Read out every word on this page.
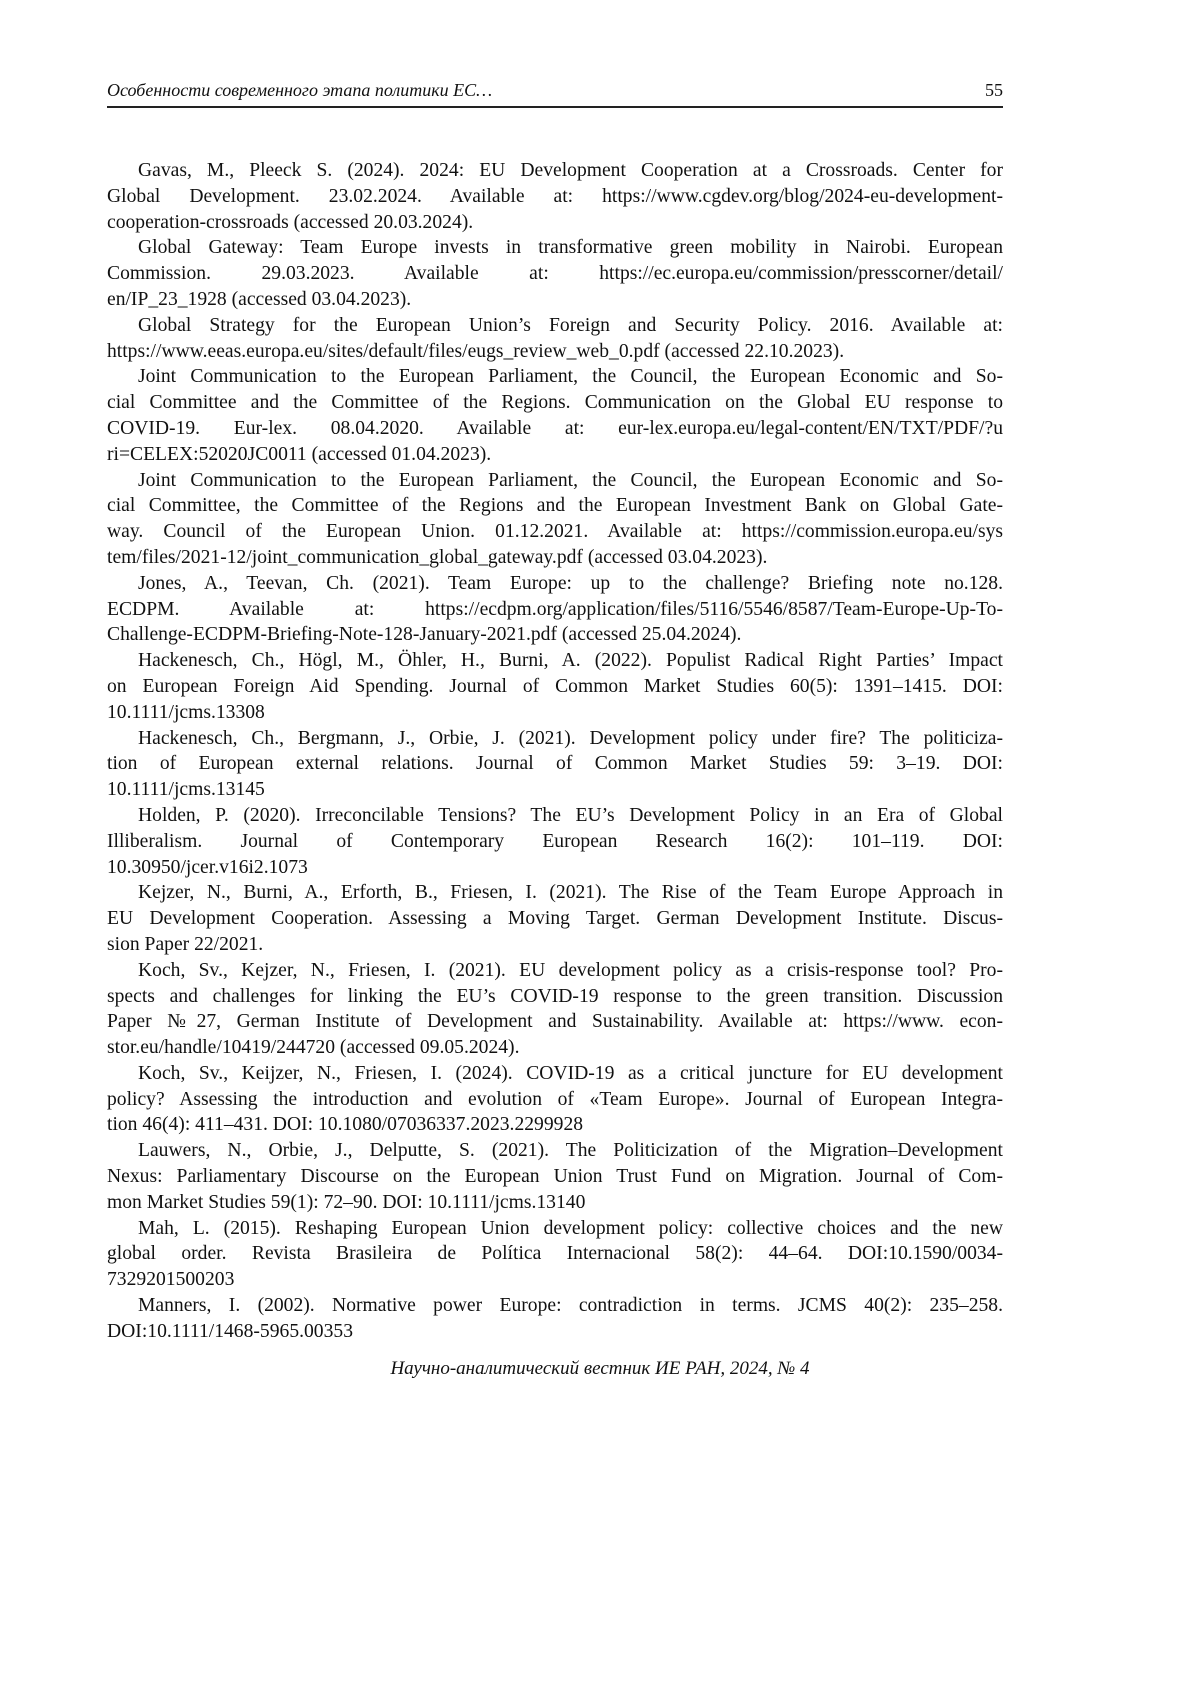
Особенности современного этапа политики ЕС…	55
Gavas, M., Pleeck S. (2024). 2024: EU Development Cooperation at a Crossroads. Center for
Global Development. 23.02.2024. Available at: https://www.cgdev.org/blog/2024-eu-development-
cooperation-crossroads (accessed 20.03.2024).
Global Gateway: Team Europe invests in transformative green mobility in Nairobi. European
Commission. 29.03.2023. Available at: https://ec.europa.eu/commission/presscorner/detail/
en/IP_23_1928 (accessed 03.04.2023).
Global Strategy for the European Union’s Foreign and Security Policy. 2016. Available at:
https://www.eeas.europa.eu/sites/default/files/eugs_review_web_0.pdf (accessed 22.10.2023).
Joint Communication to the European Parliament, the Council, the European Economic and So-
cial Committee and the Committee of the Regions. Communication on the Global EU response to
COVID-19. Eur-lex. 08.04.2020. Available at: eur-lex.europa.eu/legal-content/EN/TXT/PDF/?u
ri=CELEX:52020JC0011 (accessed 01.04.2023).
Joint Communication to the European Parliament, the Council, the European Economic and So-
cial Committee, the Committee of the Regions and the European Investment Bank on Global Gate-
way. Council of the European Union. 01.12.2021. Available at: https://commission.europa.eu/sys
tem/files/2021-12/joint_communication_global_gateway.pdf (accessed 03.04.2023).
Jones, A., Teevan, Ch. (2021). Team Europe: up to the challenge? Briefing note no.128.
ECDPM. Available at: https://ecdpm.org/application/files/5116/5546/8587/Team-Europe-Up-To-
Challenge-ECDPM-Briefing-Note-128-January-2021.pdf (accessed 25.04.2024).
Hackenesch, Ch., Högl, M., Öhler, H., Burni, A. (2022). Populist Radical Right Parties’ Impact
on European Foreign Aid Spending. Journal of Common Market Studies 60(5): 1391–1415. DOI:
10.1111/jcms.13308
Hackenesch, Ch., Bergmann, J., Orbie, J. (2021). Development policy under fire? The politiciza-
tion of European external relations. Journal of Common Market Studies 59: 3–19. DOI:
10.1111/jcms.13145
Holden, P. (2020). Irreconcilable Tensions? The EU’s Development Policy in an Era of Global
Illiberalism. Journal of Contemporary European Research 16(2): 101–119. DOI:
10.30950/jcer.v16i2.1073
Kejzer, N., Burni, A., Erforth, B., Friesen, I. (2021). The Rise of the Team Europe Approach in
EU Development Cooperation. Assessing a Moving Target. German Development Institute. Discus-
sion Paper 22/2021.
Koch, Sv., Kejzer, N., Friesen, I. (2021). EU development policy as a crisis-response tool? Pro-
spects and challenges for linking the EU’s COVID-19 response to the green transition. Discussion
Paper №27, German Institute of Development and Sustainability. Available at: https://www. econ-
stor.eu/handle/10419/244720 (accessed 09.05.2024).
Koch, Sv., Keijzer, N., Friesen, I. (2024). COVID-19 as a critical juncture for EU development
policy? Assessing the introduction and evolution of «Team Europe». Journal of European Integra-
tion 46(4): 411–431. DOI: 10.1080/07036337.2023.2299928
Lauwers, N., Orbie, J., Delputte, S. (2021). The Politicization of the Migration–Development
Nexus: Parliamentary Discourse on the European Union Trust Fund on Migration. Journal of Com-
mon Market Studies 59(1): 72–90. DOI: 10.1111/jcms.13140
Mah, L. (2015). Reshaping European Union development policy: collective choices and the new
global order. Revista Brasileira de Política Internacional 58(2): 44–64. DOI:10.1590/0034-
7329201500203
Manners, I. (2002). Normative power Europe: contradiction in terms. JCMS 40(2): 235–258.
DOI:10.1111/1468-5965.00353
Научно-аналитический вестник ИЕ РАН, 2024, № 4
